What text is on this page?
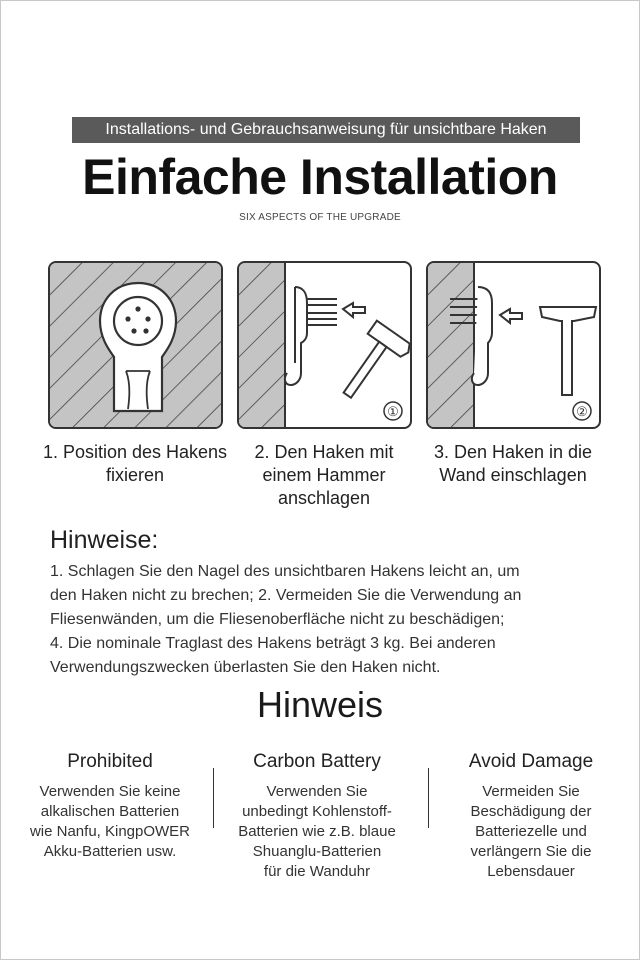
Installations- und Gebrauchsanweisung für unsichtbare Haken
Einfache Installation
SIX ASPECTS OF THE UPGRADE
①	②
1. Position des Hakens fixieren
2. Den Haken mit einem Hammer anschlagen
3. Den Haken in die Wand einschlagen
Hinweise:
1. Schlagen Sie den Nagel des unsichtbaren Hakens leicht an, um
den Haken nicht zu brechen; 2. Vermeiden Sie die Verwendung an
Fliesenwänden, um die Fliesenoberfläche nicht zu beschädigen;
4. Die nominale Traglast des Hakens beträgt 3 kg. Bei anderen
Verwendungszwecken überlasten Sie den Haken nicht.
Hinweis
Prohibited
Verwenden Sie keine
alkalischen Batterien
wie Nanfu, KingpOWER
Akku-Batterien usw.
Carbon Battery
Verwenden Sie
unbedingt Kohlenstoff-
Batterien wie z.B. blaue
Shuanglu-Batterien
für die Wanduhr
Avoid Damage
Vermeiden Sie
Beschädigung der
Batteriezelle und
verlängern Sie die
Lebensdauer
